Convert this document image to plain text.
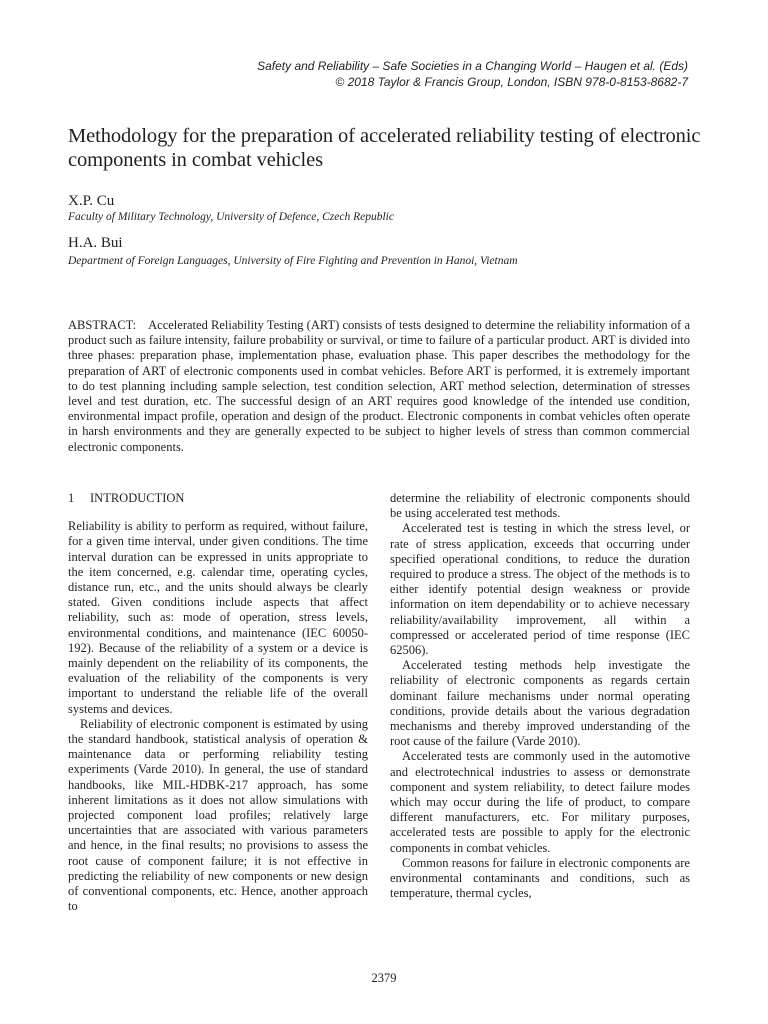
Safety and Reliability – Safe Societies in a Changing World – Haugen et al. (Eds)
© 2018 Taylor & Francis Group, London, ISBN 978-0-8153-8682-7
Methodology for the preparation of accelerated reliability testing of electronic components in combat vehicles
X.P. Cu
Faculty of Military Technology, University of Defence, Czech Republic
H.A. Bui
Department of Foreign Languages, University of Fire Fighting and Prevention in Hanoi, Vietnam

ABSTRACT: Accelerated Reliability Testing (ART) consists of tests designed to determine the reliability information of a product such as failure intensity, failure probability or survival, or time to failure of a particular product. ART is divided into three phases: preparation phase, implementation phase, evaluation phase. This paper describes the methodology for the preparation of ART of electronic components used in combat vehicles. Before ART is performed, it is extremely important to do test planning including sample selection, test condition selection, ART method selection, determination of stresses level and test duration, etc. The successful design of an ART requires good knowledge of the intended use condition, environmental impact profile, operation and design of the product. Electronic components in combat vehicles often operate in harsh environments and they are generally expected to be subject to higher levels of stress than common commercial electronic components.

1 INTRODUCTION

Reliability is ability to perform as required, without failure, for a given time interval, under given conditions. The time interval duration can be expressed in units appropriate to the item concerned, e.g. calendar time, operating cycles, distance run, etc., and the units should always be clearly stated. Given conditions include aspects that affect reliability, such as: mode of operation, stress levels, environmental conditions, and maintenance (IEC 60050-192). Because of the reliability of a system or a device is mainly dependent on the reliability of its components, the evaluation of the reliability of the components is very important to understand the reliable life of the overall systems and devices.

Reliability of electronic component is estimated by using the standard handbook, statistical analysis of operation & maintenance data or performing reliability testing experiments (Varde 2010). In general, the use of standard handbooks, like MIL-HDBK-217 approach, has some inherent limitations as it does not allow simulations with projected component load profiles; relatively large uncertainties that are associated with various parameters and hence, in the final results; no provisions to assess the root cause of component failure; it is not effective in predicting the reliability of new components or new design of conventional components, etc. Hence, another approach to

determine the reliability of electronic components should be using accelerated test methods.

Accelerated test is testing in which the stress level, or rate of stress application, exceeds that occurring under specified operational conditions, to reduce the duration required to produce a stress. The object of the methods is to either identify potential design weakness or provide information on item dependability or to achieve necessary reliability/availability improvement, all within a compressed or accelerated period of time response (IEC 62506).

Accelerated testing methods help investigate the reliability of electronic components as regards certain dominant failure mechanisms under normal operating conditions, provide details about the various degradation mechanisms and thereby improved understanding of the root cause of the failure (Varde 2010).

Accelerated tests are commonly used in the automotive and electrotechnical industries to assess or demonstrate component and system reliability, to detect failure modes which may occur during the life of product, to compare different manufacturers, etc. For military purposes, accelerated tests are possible to apply for the electronic components in combat vehicles.

Common reasons for failure in electronic components are environmental contaminants and conditions, such as temperature, thermal cycles,

2379
